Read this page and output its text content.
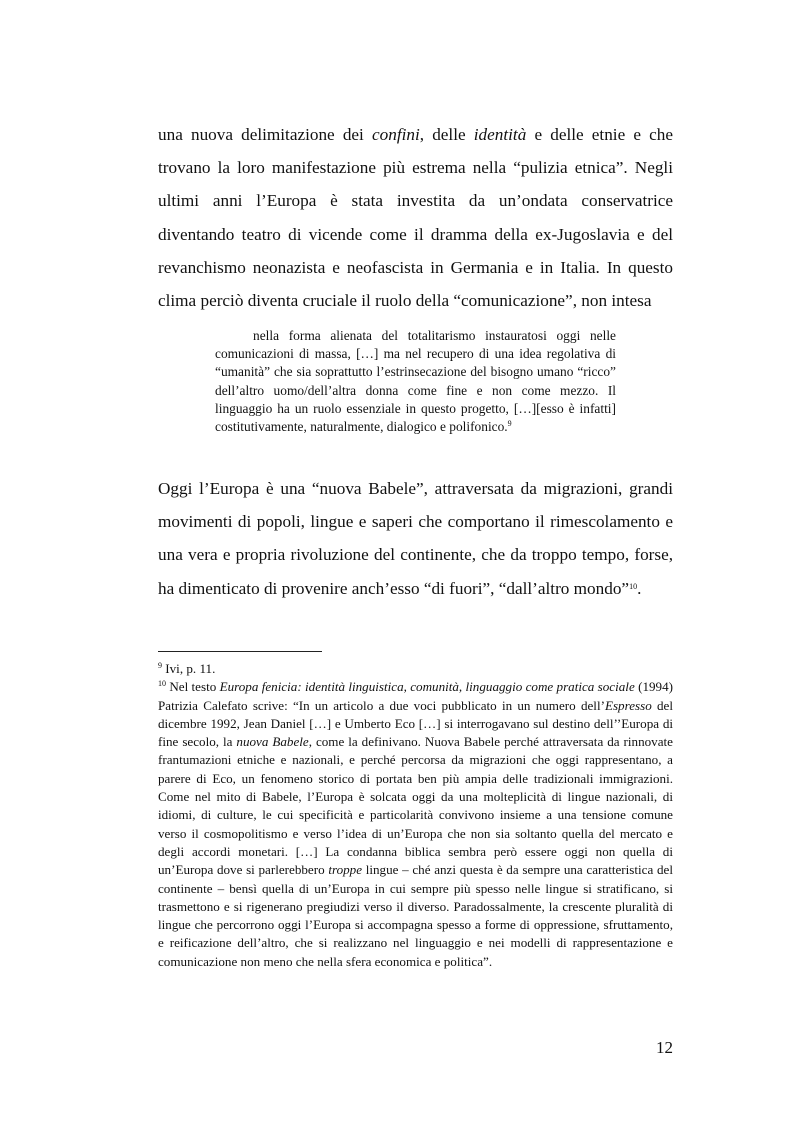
una nuova delimitazione dei confini, delle identità e delle etnie e che trovano la loro manifestazione più estrema nella “pulizia etnica”. Negli ultimi anni l’Europa è stata investita da un’ondata conservatrice diventando teatro di vicende come il dramma della ex-Jugoslavia e del revanchismo neonazista e neofascista in Germania e in Italia. In questo clima perciò diventa cruciale il ruolo della “comunicazione”, non intesa

nella forma alienata del totalitarismo instauratosi oggi nelle comunicazioni di massa, […] ma nel recupero di una idea regolativa di “umanità” che sia soprattutto l’estrinsecazione del bisogno umano “ricco” dell’altro uomo/dell’altra donna come fine e non come mezzo. Il linguaggio ha un ruolo essenziale in questo progetto, […][esso è infatti] costitutivamente, naturalmente, dialogico e polifonico.$^9$

Oggi l’Europa è una “nuova Babele”, attraversata da migrazioni, grandi movimenti di popoli, lingue e saperi che comportano il rimescolamento e una vera e propria rivoluzione del continente, che da troppo tempo, forse, ha dimenticato di provenire anch’esso “di fuori”, “dall’altro mondo”$^{10}$.

$^9$ Ivi, p. 11.

$^{10}$ Nel testo Europa fenicia: identità linguistica, comunità, linguaggio come pratica sociale (1994) Patrizia Calefato scrive: “In un articolo a due voci pubblicato in un numero dell’Espresso del dicembre 1992, Jean Daniel […] e Umberto Eco […] si interrogavano sul destino dell’’Europa di fine secolo, la nuova Babele, come la definivano. Nuova Babele perché attraversata da rinnovate frantumazioni etniche e nazionali, e perché percorsa da migrazioni che oggi rappresentano, a parere di Eco, un fenomeno storico di portata ben più ampia delle tradizionali immigrazioni. Come nel mito di Babele, l’Europa è solcata oggi da una molteplicità di lingue nazionali, di idiomi, di culture, le cui specificità e particolarità convivono insieme a una tensione comune verso il cosmopolitismo e verso l’idea di un’Europa che non sia soltanto quella del mercato e degli accordi monetari. […] La condanna biblica sembra però essere oggi non quella di un’Europa dove si parlerebbero troppe lingue – ché anzi questa è da sempre una caratteristica del continente – bensì quella di un’Europa in cui sempre più spesso nelle lingue si stratificano, si trasmettono e si rigenerano pregiudizi verso il diverso. Paradossalmente, la crescente pluralità di lingue che percorrono oggi l’Europa si accompagna spesso a forme di oppressione, sfruttamento, e reificazione dell’altro, che si realizzano nel linguaggio e nei modelli di rappresentazione e comunicazione non meno che nella sfera economica e politica”.

12
